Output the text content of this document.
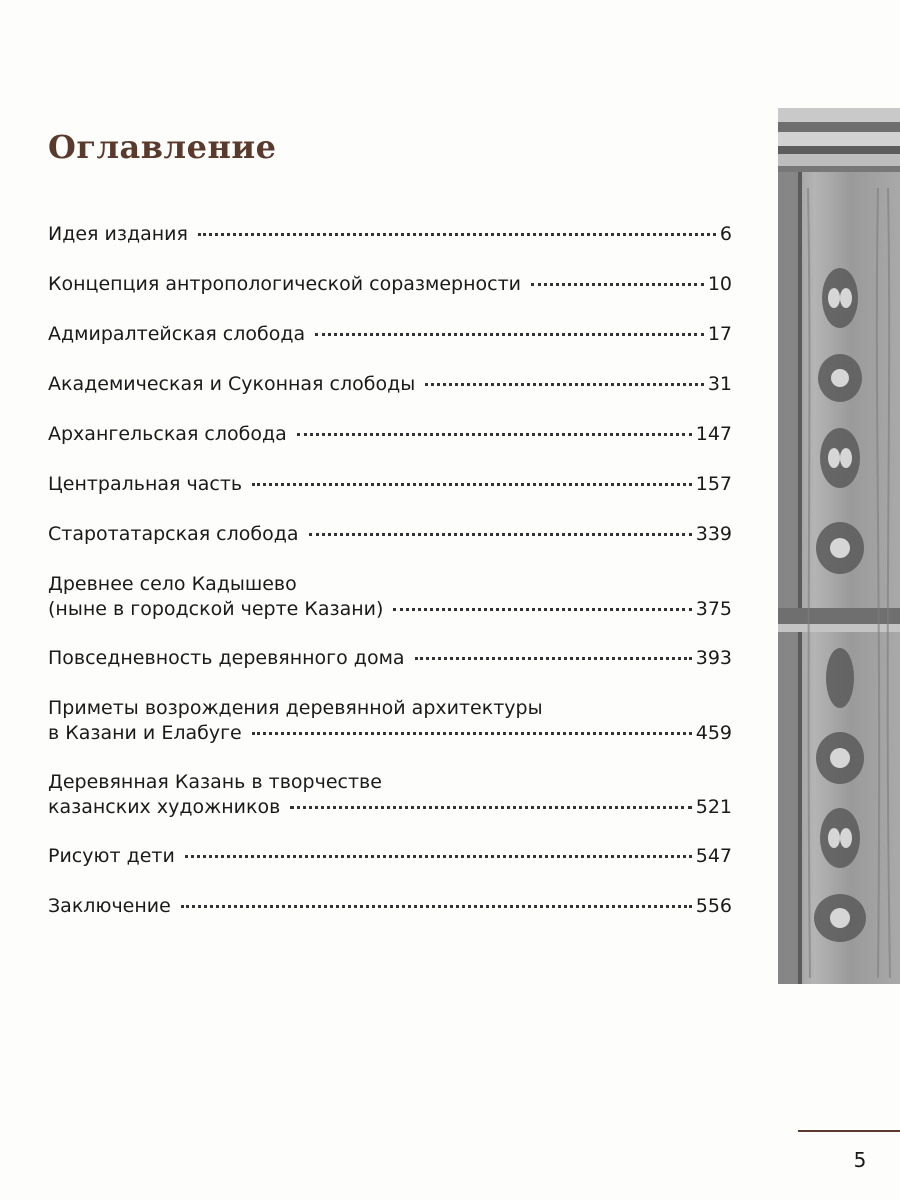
Оглавление
Идея издания	6
Концепция антропологической соразмерности	10
Адмиралтейская слобода	17
Академическая и Суконная слободы	31
Архангельская слобода	147
Центральная часть	157
Старотатарская слобода	339
Древнее село Кадышево
(ныне в городской черте Казани)	375
Повседневность деревянного дома	393
Приметы возрождения деревянной архитектуры
в Казани и Елабуге	459
Деревянная Казань в творчестве
казанских художников	521
Рисуют дети	547
Заключение	556
5
